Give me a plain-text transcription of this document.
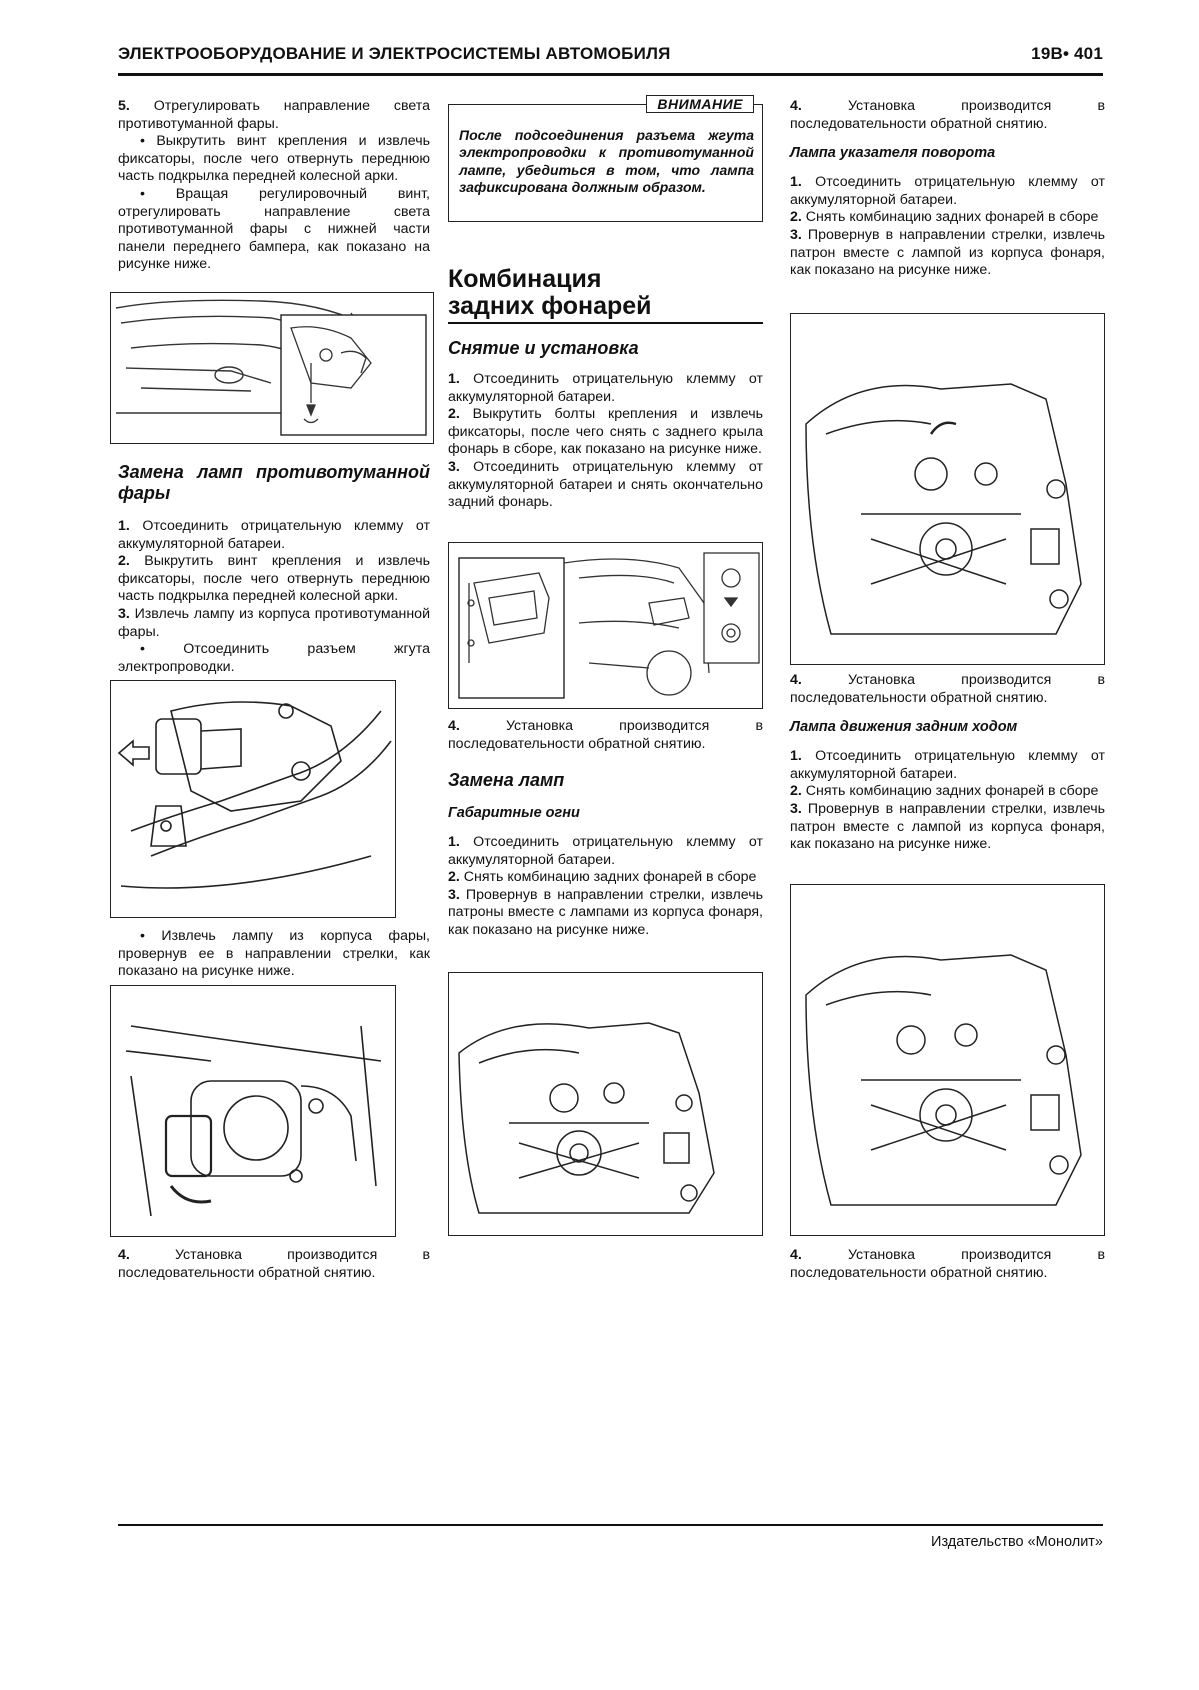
ЭЛЕКТРООБОРУДОВАНИЕ И ЭЛЕКТРОСИСТЕМЫ АВТОМОБИЛЯ	19В• 401

5. Отрегулировать направление света противотуманной фары.

• Выкрутить винт крепления и извлечь фиксаторы, после чего отвернуть переднюю часть подкрылка передней колесной арки.

• Вращая регулировочный винт, отрегулировать направление света противотуманной фары с нижней части панели переднего бампера, как показано на рисунке ниже.

Замена ламп противотуманной фары

1. Отсоединить отрицательную клемму от аккумуляторной батареи.

2. Выкрутить винт крепления и извлечь фиксаторы, после чего отвернуть переднюю часть подкрылка передней колесной арки.

3. Извлечь лампу из корпуса противотуманной фары.

• Отсоединить разъем жгута электропроводки.

• Извлечь лампу из корпуса фары, провернув ее в направлении стрелки, как показано на рисунке ниже.

4.	Установка производится в последовательности обратной снятию.

ВНИМАНИЕ
После подсоединения разъема жгута электропроводки к противотуманной лампе, убедиться в том, что лампа зафиксирована должным образом.
Комбинация
задних фонарей

Снятие и установка

1. Отсоединить отрицательную клемму от аккумуляторной батареи.

2. Выкрутить болты крепления и извлечь фиксаторы, после чего снять с заднего крыла фонарь в сборе, как показано на рисунке ниже.

3. Отсоединить отрицательную клемму от аккумуляторной батареи и снять окончательно задний фонарь.

4.	Установка производится в последовательности обратной снятию.

Замена ламп

Габаритные огни

1. Отсоединить отрицательную клемму от аккумуляторной батареи.

2. Снять комбинацию задних фонарей в сборе

3. Провернув в направлении стрелки, извлечь патроны вместе с лампами из корпуса фонаря, как показано на рисунке ниже.

4.	Установка производится в последовательности обратной снятию.

Лампа указателя поворота

1. Отсоединить отрицательную клемму от аккумуляторной батареи.

2. Снять комбинацию задних фонарей в сборе

3. Провернув в направлении стрелки, извлечь патрон вместе с лампой из корпуса фонаря, как показано на рисунке ниже.

4.	Установка производится в последовательности обратной снятию.

Лампа движения задним ходом

1. Отсоединить отрицательную клемму от аккумуляторной батареи.

2. Снять комбинацию задних фонарей в сборе

3. Провернув в направлении стрелки, извлечь патрон вместе с лампой из корпуса фонаря, как показано на рисунке ниже.

4.	Установка производится в последовательности обратной снятию.

Издательство «Монолит»
